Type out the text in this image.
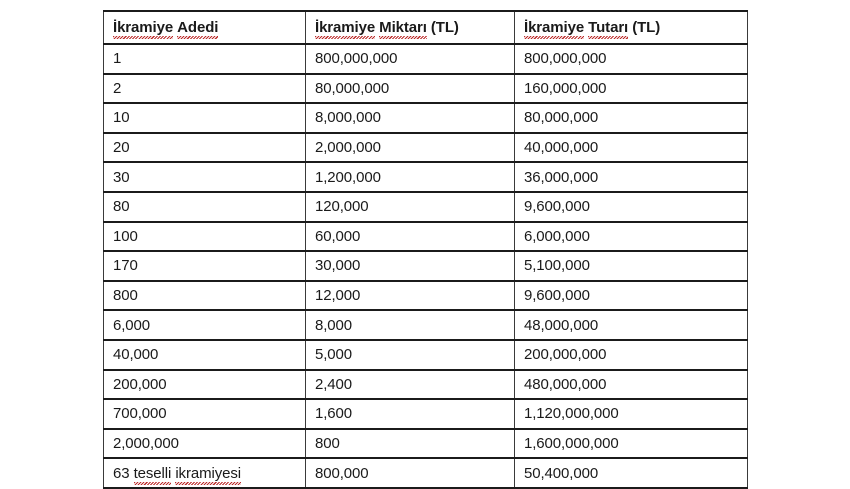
İkramiye Adedi	İkramiye Miktarı (TL)	İkramiye Tutarı (TL)
1	800,000,000	800,000,000
2	80,000,000	160,000,000
10	8,000,000	80,000,000
20	2,000,000	40,000,000
30	1,200,000	36,000,000
80	120,000	9,600,000
100	60,000	6,000,000
170	30,000	5,100,000
800	12,000	9,600,000
6,000	8,000	48,000,000
40,000	5,000	200,000,000
200,000	2,400	480,000,000
700,000	1,600	1,120,000,000
2,000,000	800	1,600,000,000
63 teselli ikramiyesi	800,000	50,400,000
